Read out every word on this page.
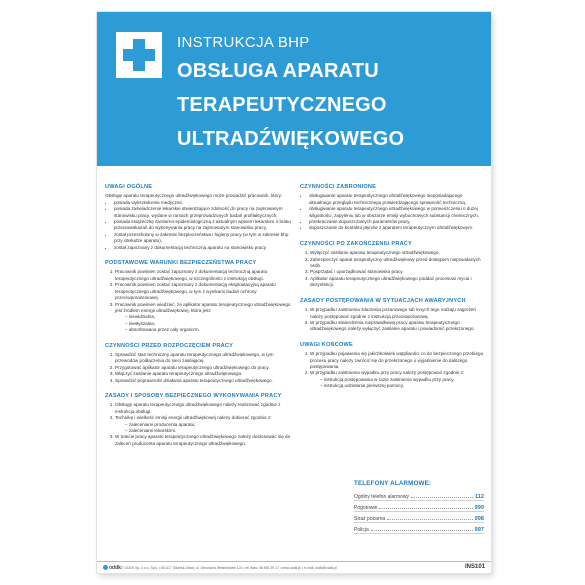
INSTRUKCJA BHP
OBSŁUGA APARATU
TERAPEUTYCZNEGO
ULTRADŹWIĘKOWEGO
UWAGI OGÓLNE

Obsługę aparatu terapeutycznego ultradźwiękowego może prowadzić pracownik, który:

• posiada wykształcenie medyczne,
• posiada zaświadczenie lekarskie stwierdzające zdolność do pracy na zajmowanym stanowisku pracy, wydane w ramach przeprowadzonych badań profilaktycznych,
• posiada książeczkę sanitarno-epidemiologiczną z aktualnym wpisem lekarskim o braku przeciwwskazań do wykonywania pracy na zajmowanym stanowisku pracy,
• został przeszkolony w zakresie bezpieczeństwa i higieny pracy (w tym w zakresie bhp przy obsłudze aparatu),
• został zapoznany z dokumentacją techniczną aparatu na stanowisku pracy.
PODSTAWOWE WARUNKI BEZPIECZEŃSTWA PRACY
1. Pracownik powinien zostać zapoznany z dokumentacją techniczną aparatu terapeutycznego ultradźwiękowego, w szczególności z instrukcją obsługi.
2. Pracownik powinien zostać zapoznany z dokumentacją eksploatacyjną aparatu terapeutycznego ultradźwiękowego, w tym z wynikami badań ochrony przeciwporażeniowej.
3. Pracownik powinien wiedzieć, że aplikator aparatu terapeutycznego ultradźwiękowego jest źródłem energii ultradźwiękowej, która jest:
– niewidzialna,
– niesłyszalna,
– absorbowana przez cały organizm.
CZYNNOŚCI PRZED ROZPOCZĘCIEM PRACY
1. Sprawdzić stan techniczny aparatu terapeutycznego ultradźwiękowego, w tym przewodów podłączenia do sieci zasilającej.
2. Przygotować aplikator aparatu terapeutycznego ultradźwiękowego do pracy.
3. Włączyć zasilanie aparatu terapeutycznego ultradźwiękowego.
4. Sprawdzić poprawność działania aparatu terapeutycznego ultradźwiękowego.
ZASADY I SPOSOBY BEZPIECZNEGO WYKONYWANIA PRACY
1. Obsługę aparatu terapeutycznego ultradźwiękowego należy realizować zgodnie z instrukcją obsługi.
2. Technikę i wielkość emisji energii ultradźwiękowej należy dobierać zgodnie z:
– zaleceniami producenta aparatu,
– zaleceniami lekarskimi.
3. W trakcie pracy aparatu terapeutycznego ultradźwiękowego należy dostosować się do zaleceń producenta aparatu terapeutycznego ultradźwiękowego.
CZYNNOŚCI ZABRONIONE
• obsługiwanie aparatu terapeutycznego ultradźwiękowego nieposiadającego aktualnego przeglądu technicznego potwierdzającego sprawność techniczną,
• obsługiwanie aparatu terapeutycznego ultradźwiękowego w pomieszczeniu o dużej wilgotności, zapyleniu lub w obszarze emisji wybuchowych substancji chemicznych,
• przekraczanie dopuszczalnych parametrów pracy,
• dopuszczanie do kontaktu płynów z aparatem terapeutycznym ultradźwiękowym.
CZYNNOŚCI PO ZAKOŃCZENIU PRACY
1. Wyłączyć zasilanie aparatu terapeutycznego ultradźwiękowego.
2. Zabezpieczyć aparat terapeutyczny ultradźwiękowy przed dostępem niepowołanych osób.
3. Posprzątać i uporządkować stanowisko pracy.
4. Aplikator aparatu terapeutycznego ultradźwiękowego poddać procesowi mycia i dezynfekcji.
ZASADY POSTĘPOWANIA W SYTUACJACH AWARYJNYCH
1. W przypadku zaistnienia zdarzenia pożarowego lub innych tego rodzaju zagrożeń należy postępować zgodnie z instrukcją przeciwpożarową.
2. W przypadku stwierdzenia nieprawidłowej pracy aparatu terapeutycznego ultradźwiękowego należy wyłączyć zasilanie aparatu i powiadomić przełożonego.
UWAGI KOŃCOWE
1. W przypadku pojawienia się jakichkolwiek wątpliwości co do bezpiecznego przebiegu procesu pracy należy zwrócić się do przełożonego o wyjaśnienie do dalszego postępowania.
2. W przypadku zaistnienia wypadku przy pracy należy postępować zgodnie z:
– instrukcją postępowania w razie zaistnienia wypadku przy pracy,
– instrukcją udzielania pierwszej pomocy.
TELEFONY ALARMOWE:
Ogólny telefon alarmowy	112
Pogotowie	999
Straż pożarna	998
Policja	997
oddk © ODDK Sp. z o.o. Sp.k. • 80-617 Gdańsk-Oliwa, ul. Obrońców Westerplatte 124 • tel./faks: 58 554 29 17 • www.oddk.pl • e-mail: oddk@oddk.pl	INS101
